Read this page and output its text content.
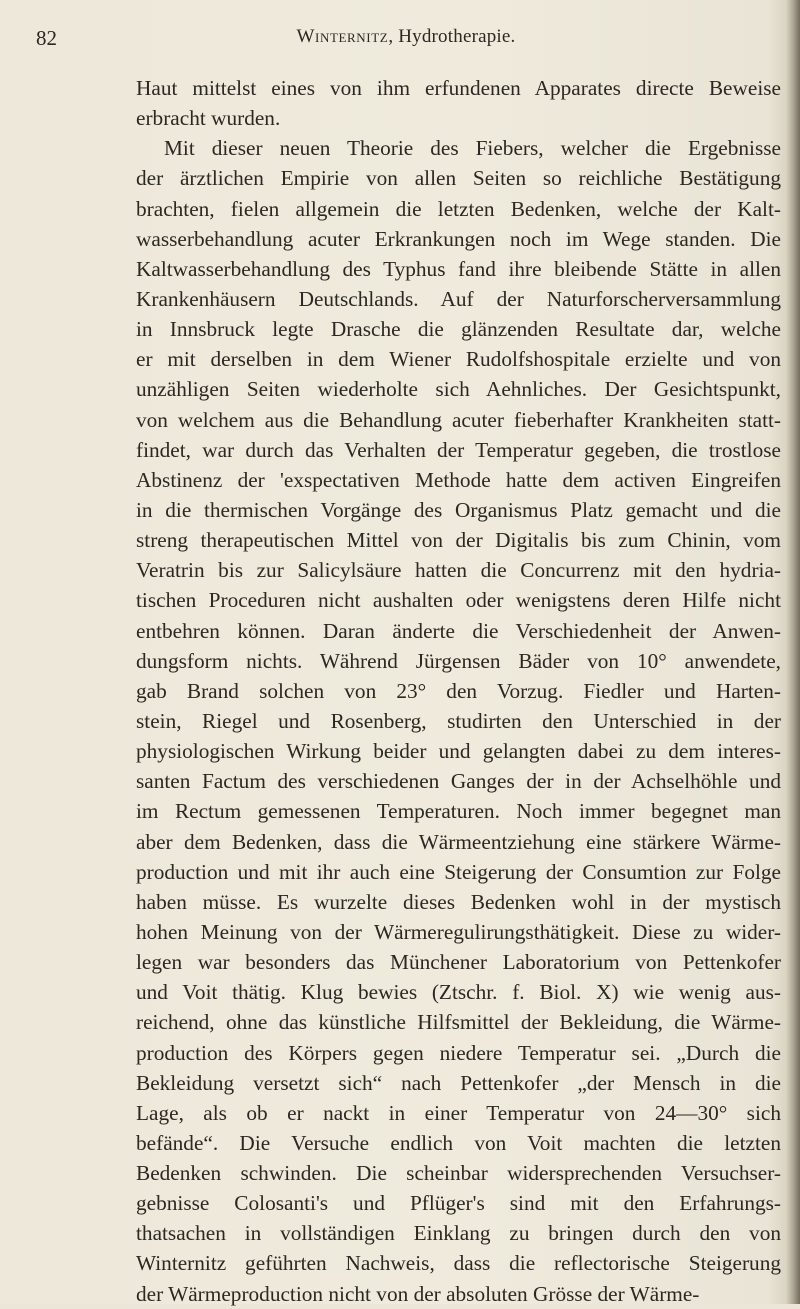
82	Winternitz, Hydrotherapie.
Haut mittelst eines von ihm erfundenen Apparates directe Beweise
erbracht wurden.
Mit dieser neuen Theorie des Fiebers, welcher die Ergebnisse
der ärztlichen Empirie von allen Seiten so reichliche Bestätigung
brachten, fielen allgemein die letzten Bedenken, welche der Kalt-
wasserbehandlung acuter Erkrankungen noch im Wege standen. Die
Kaltwasserbehandlung des Typhus fand ihre bleibende Stätte in allen
Krankenhäusern Deutschlands. Auf der Naturforscherversammlung
in Innsbruck legte Drasche die glänzenden Resultate dar, welche
er mit derselben in dem Wiener Rudolfshospitale erzielte und von
unzähligen Seiten wiederholte sich Aehnliches. Der Gesichtspunkt,
von welchem aus die Behandlung acuter fieberhafter Krankheiten statt-
findet, war durch das Verhalten der Temperatur gegeben, die trostlose
Abstinenz der 'exspectativen Methode hatte dem activen Eingreifen
in die thermischen Vorgänge des Organismus Platz gemacht und die
streng therapeutischen Mittel von der Digitalis bis zum Chinin, vom
Veratrin bis zur Salicylsäure hatten die Concurrenz mit den hydria-
tischen Proceduren nicht aushalten oder wenigstens deren Hilfe nicht
entbehren können. Daran änderte die Verschiedenheit der Anwen-
dungsform nichts. Während Jürgensen Bäder von 10° anwendete,
gab Brand solchen von 23° den Vorzug. Fiedler und Harten-
stein, Riegel und Rosenberg, studirten den Unterschied in der
physiologischen Wirkung beider und gelangten dabei zu dem interes-
santen Factum des verschiedenen Ganges der in der Achselhöhle und
im Rectum gemessenen Temperaturen. Noch immer begegnet man
aber dem Bedenken, dass die Wärmeentziehung eine stärkere Wärme-
production und mit ihr auch eine Steigerung der Consumtion zur Folge
haben müsse. Es wurzelte dieses Bedenken wohl in der mystisch
hohen Meinung von der Wärmeregulirungsthätigkeit. Diese zu wider-
legen war besonders das Münchener Laboratorium von Pettenkofer
und Voit thätig. Klug bewies (Ztschr. f. Biol. X) wie wenig aus-
reichend, ohne das künstliche Hilfsmittel der Bekleidung, die Wärme-
production des Körpers gegen niedere Temperatur sei. „Durch die
Bekleidung versetzt sich“ nach Pettenkofer „der Mensch in die
Lage, als ob er nackt in einer Temperatur von 24—30° sich
befände“. Die Versuche endlich von Voit machten die letzten
Bedenken schwinden. Die scheinbar widersprechenden Versuchser-
gebnisse Colosanti's und Pflüger's sind mit den Erfahrungs-
thatsachen in vollständigen Einklang zu bringen durch den von
Winternitz geführten Nachweis, dass die reflectorische Steigerung
der Wärmeproduction nicht von der absoluten Grösse der Wärme-
